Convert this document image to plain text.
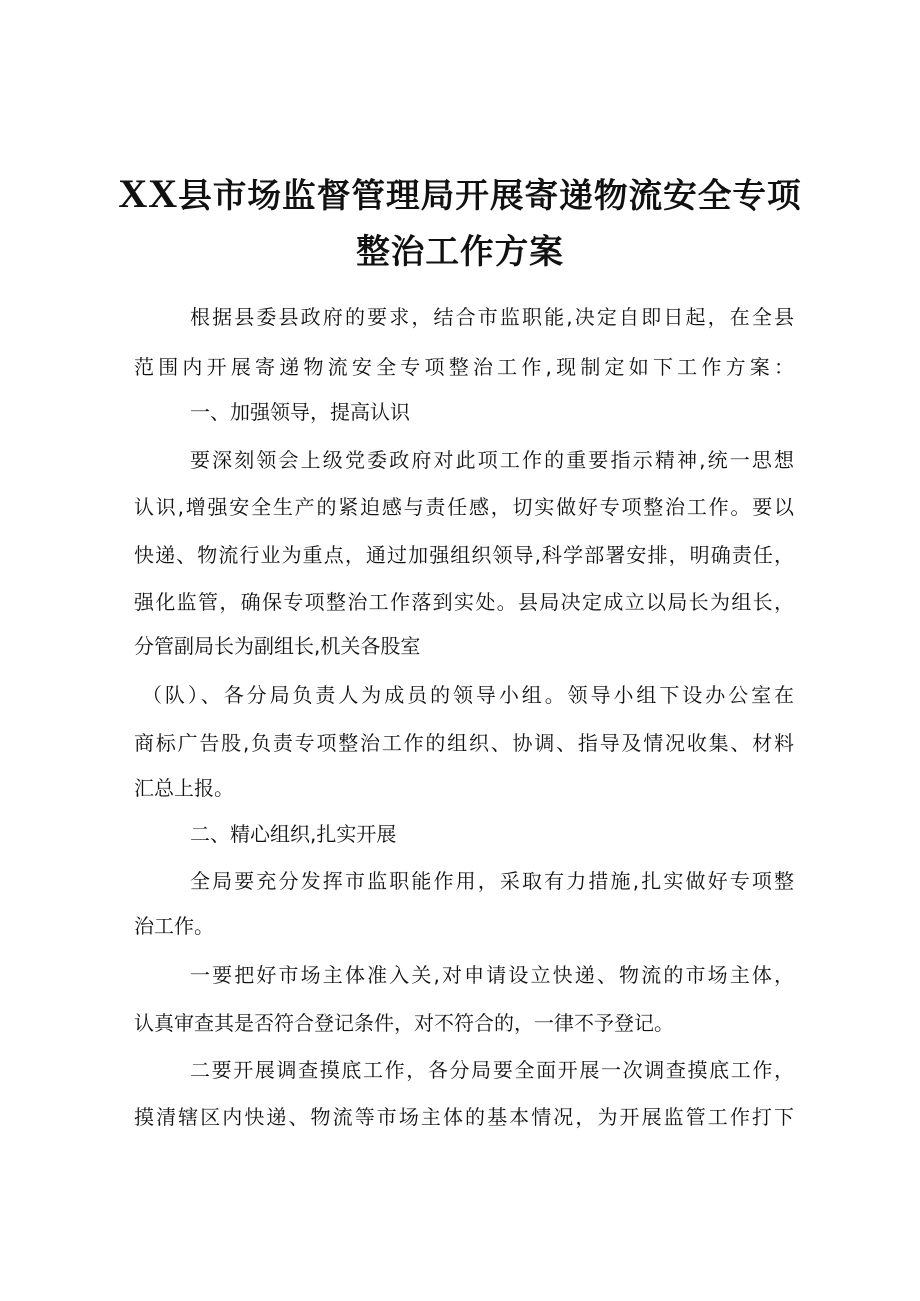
XX县市场监督管理局开展寄递物流安全专项
整治工作方案
根据县委县政府的要求，结合市监职能,决定自即日起，在全县
范围内开展寄递物流安全专项整治工作,现制定如下工作方案：
一、加强领导，提高认识
要深刻领会上级党委政府对此项工作的重要指示精神,统一思想
认识,增强安全生产的紧迫感与责任感，切实做好专项整治工作。要以
快递、物流行业为重点，通过加强组织领导,科学部署安排，明确责任，
强化监管，确保专项整治工作落到实处。县局决定成立以局长为组长，
分管副局长为副组长,机关各股室
（队）、各分局负责人为成员的领导小组。领导小组下设办公室在
商标广告股,负责专项整治工作的组织、协调、指导及情况收集、材料
汇总上报。
二、精心组织,扎实开展
全局要充分发挥市监职能作用，采取有力措施,扎实做好专项整
治工作。
一要把好市场主体准入关,对申请设立快递、物流的市场主体，
认真审查其是否符合登记条件，对不符合的，一律不予登记。
二要开展调查摸底工作，各分局要全面开展一次调查摸底工作，
摸清辖区内快递、物流等市场主体的基本情况，为开展监管工作打下
